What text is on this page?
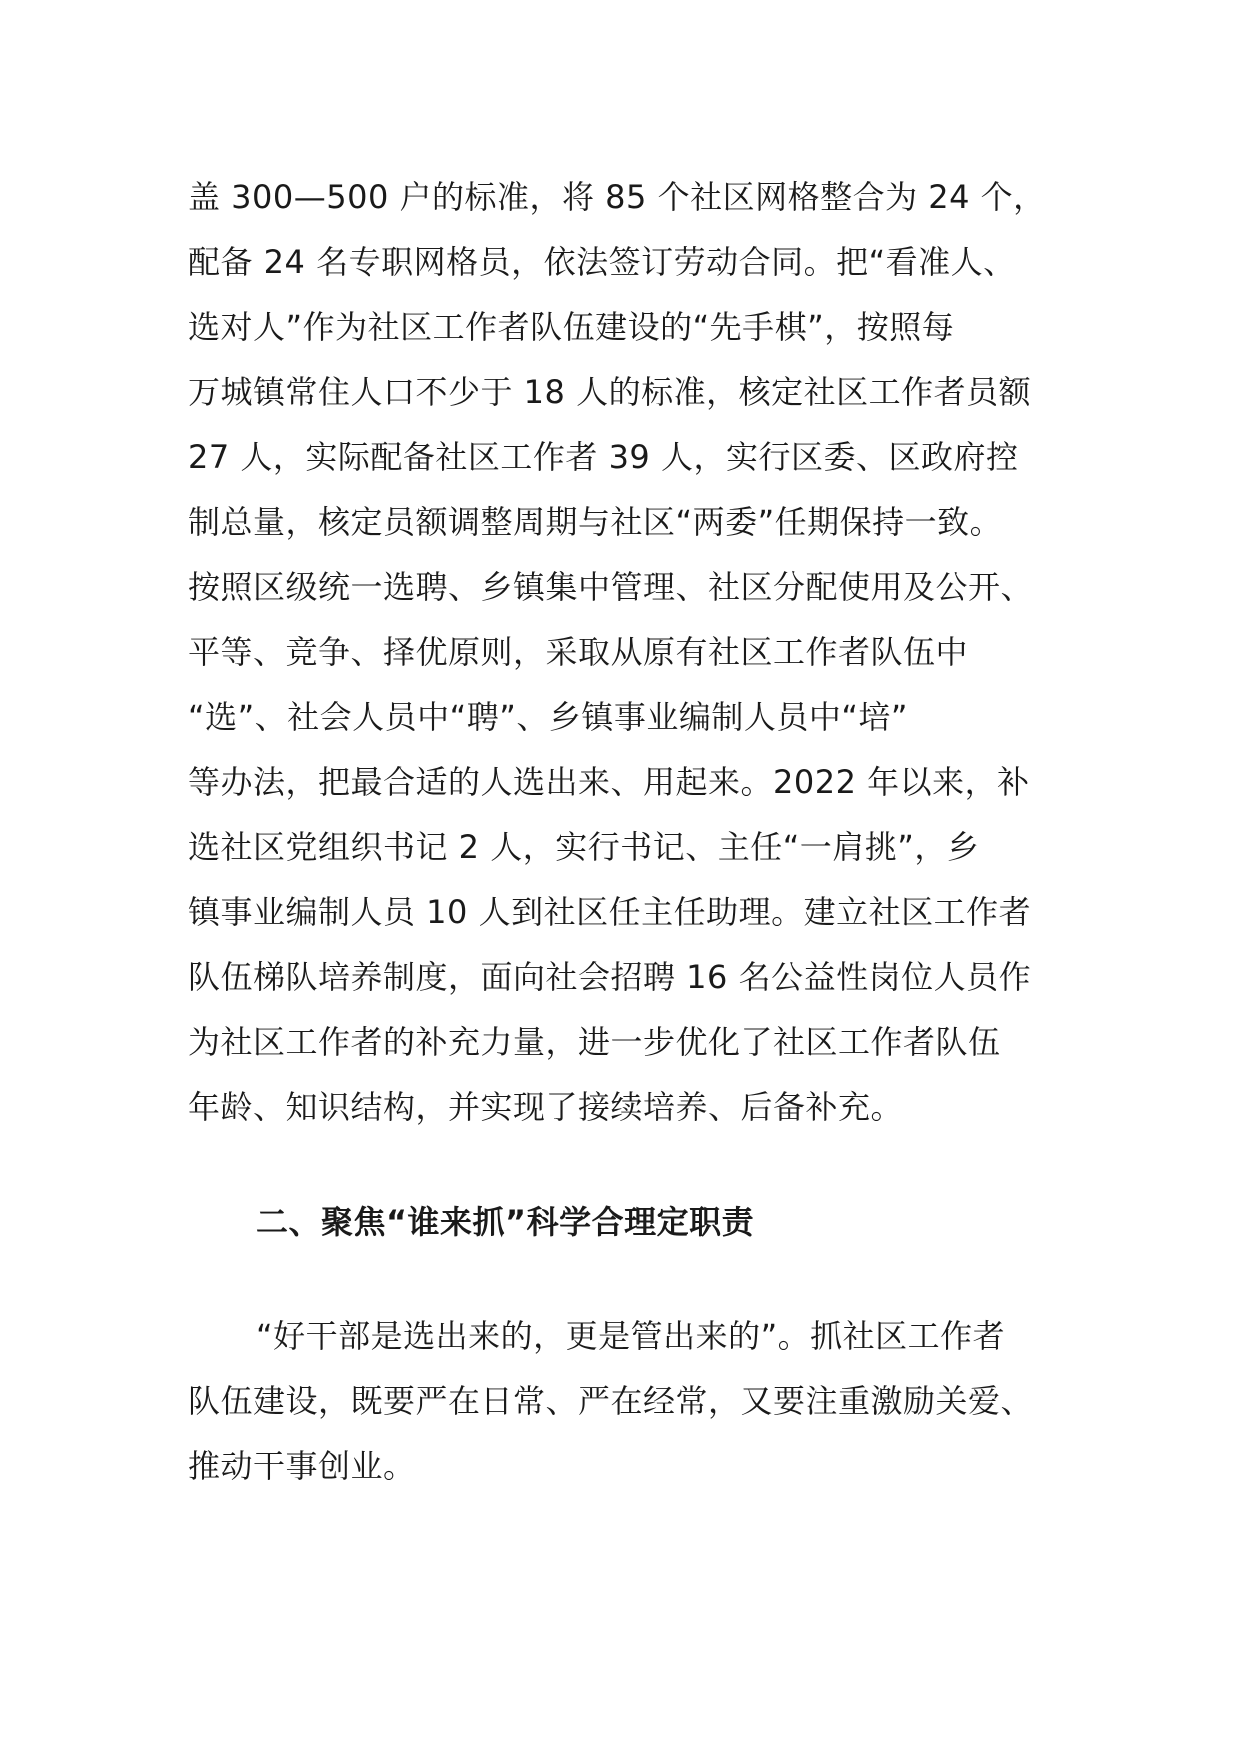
盖 300—500 户的标准，将 85 个社区网格整合为 24 个，
配备 24 名专职网格员，依法签订劳动合同。把“看准人、
选对人”作为社区工作者队伍建设的“先手棋”，按照每
万城镇常住人口不少于 18 人的标准，核定社区工作者员额
27 人，实际配备社区工作者 39 人，实行区委、区政府控
制总量，核定员额调整周期与社区“两委”任期保持一致。
按照区级统一选聘、乡镇集中管理、社区分配使用及公开、
平等、竞争、择优原则，采取从原有社区工作者队伍中
“选”、社会人员中“聘”、乡镇事业编制人员中“培”
等办法，把最合适的人选出来、用起来。2022 年以来，补
选社区党组织书记 2 人，实行书记、主任“一肩挑”，乡
镇事业编制人员 10 人到社区任主任助理。建立社区工作者
队伍梯队培养制度，面向社会招聘 16 名公益性岗位人员作
为社区工作者的补充力量，进一步优化了社区工作者队伍
年龄、知识结构，并实现了接续培养、后备补充。
二、聚焦“谁来抓”科学合理定职责
“好干部是选出来的，更是管出来的”。抓社区工作者
队伍建设，既要严在日常、严在经常，又要注重激励关爱、
推动干事创业。
